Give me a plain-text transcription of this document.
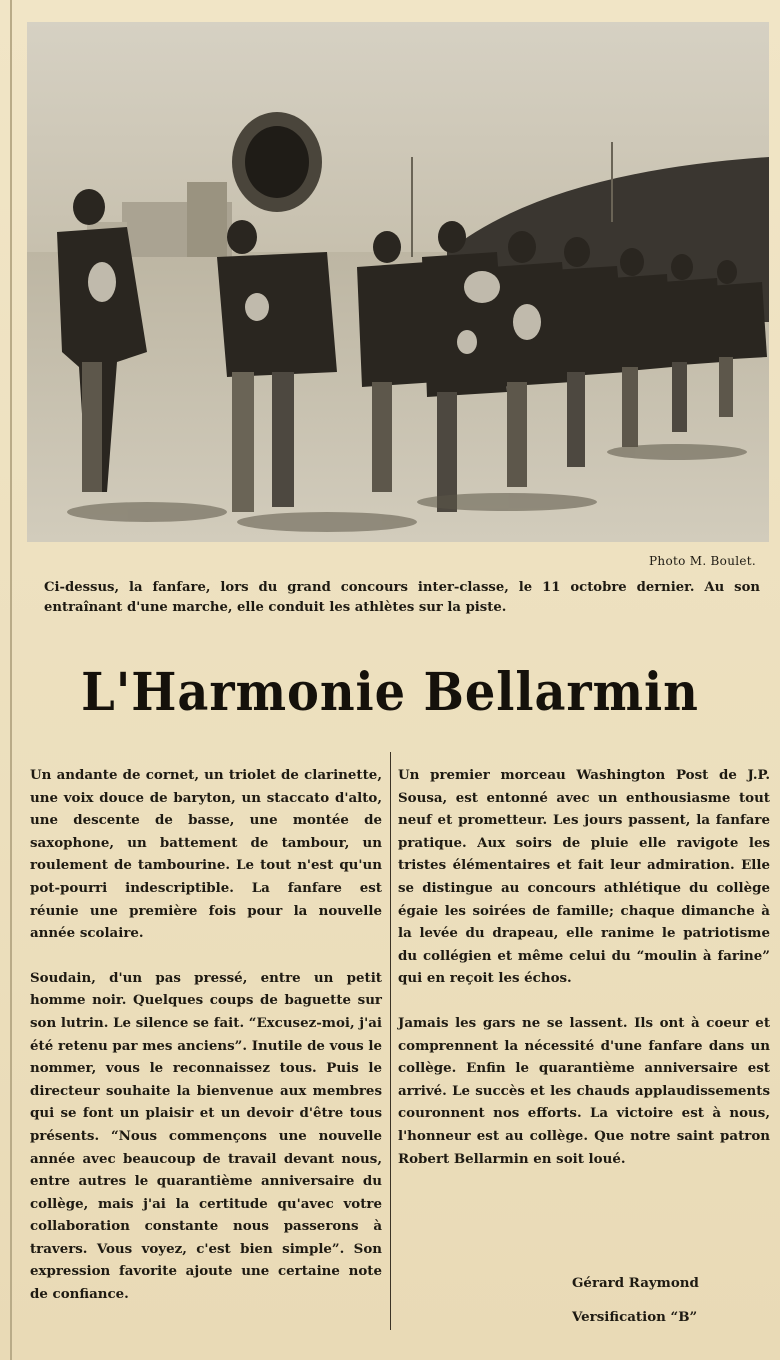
Photo M. Boulet.
Ci-dessus, la fanfare, lors du grand concours inter-classe, le 11 octobre dernier. Au son entraînant d'une marche, elle conduit les athlètes sur la piste.
L'Harmonie Bellarmin

Un andante de cornet, un triolet de clarinette, une voix douce de baryton, un staccato d'alto, une descente de basse, une montée de saxophone, un battement de tambour, un roulement de tambourine. Le tout n'est qu'un pot-pourri indescriptible. La fanfare est réunie une première fois pour la nouvelle année scolaire.

Soudain, d'un pas pressé, entre un petit homme noir. Quelques coups de baguette sur son lutrin. Le silence se fait. “Excusez-moi, j'ai été retenu par mes anciens”. Inutile de vous le nommer, vous le reconnaissez tous. Puis le directeur souhaite la bienvenue aux membres qui se font un plaisir et un devoir d'être tous présents. “Nous commençons une nouvelle année avec beaucoup de travail devant nous, entre autres le quarantième anniversaire du collège, mais j'ai la certitude qu'avec votre collaboration constante nous passerons à travers. Vous voyez, c'est bien simple”. Son expression favorite ajoute une certaine note de confiance.

Un premier morceau Washington Post de J.P. Sousa, est entonné avec un enthousiasme tout neuf et prometteur. Les jours passent, la fanfare pratique. Aux soirs de pluie elle ravigote les tristes élémentaires et fait leur admiration. Elle se distingue au concours athlétique du collège égaie les soirées de famille; chaque dimanche à la levée du drapeau, elle ranime le patriotisme du collégien et même celui du “moulin à farine” qui en reçoit les échos.

Jamais les gars ne se lassent. Ils ont à coeur et comprennent la nécessité d'une fanfare dans un collège. Enfin le quarantième anniversaire est arrivé. Le succès et les chauds applaudissements couronnent nos efforts. La victoire est à nous, l'honneur est au collège. Que notre saint patron Robert Bellarmin en soit loué.

Gérard Raymond
Versification “B”
